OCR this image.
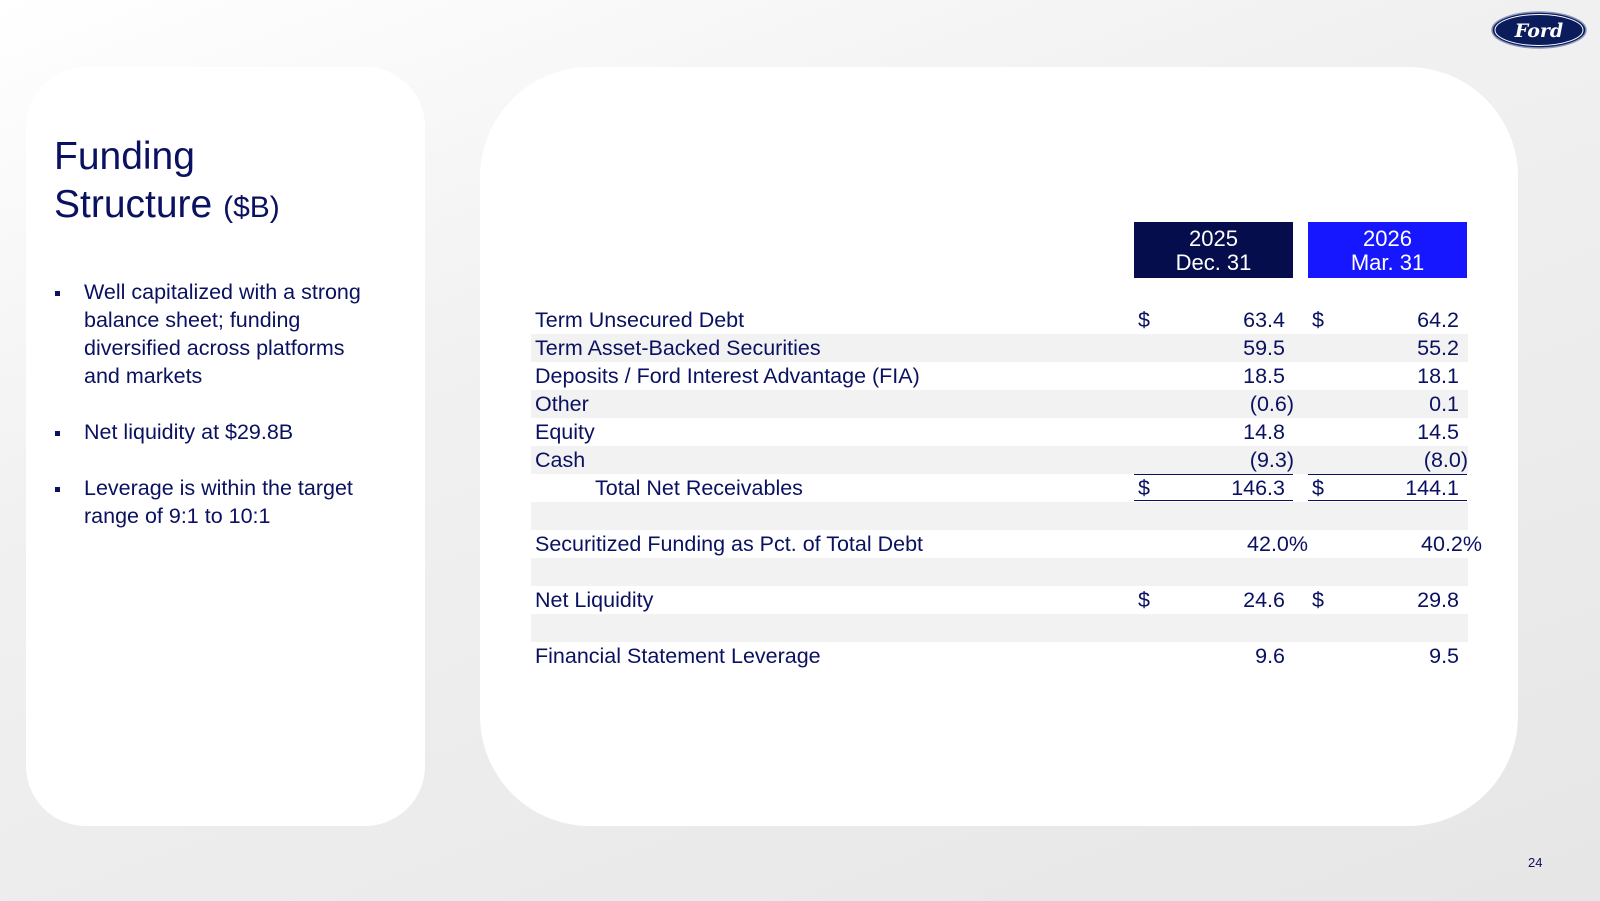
Ford
24
Funding
Structure ($B)
Well capitalized with a strong balance sheet; funding diversified across platforms and markets
Net liquidity at $29.8B
Leverage is within the target range of 9:1 to 10:1
2025
Dec. 31
2026
Mar. 31
Term Unsecured Debt	$	63.4 $	64.2
Term Asset-Backed Securities	59.5	55.2
Deposits / Ford Interest Advantage (FIA)	18.5	18.1
Other	(0.6)	0.1
Equity	14.8	14.5
Cash	(9.3)	(8.0)
Total Net Receivables	$	146.3 $	144.1
Securitized Funding as Pct. of Total Debt	42.0%	40.2%
Net Liquidity	$	24.6 $	29.8
Financial Statement Leverage	9.6	9.5
